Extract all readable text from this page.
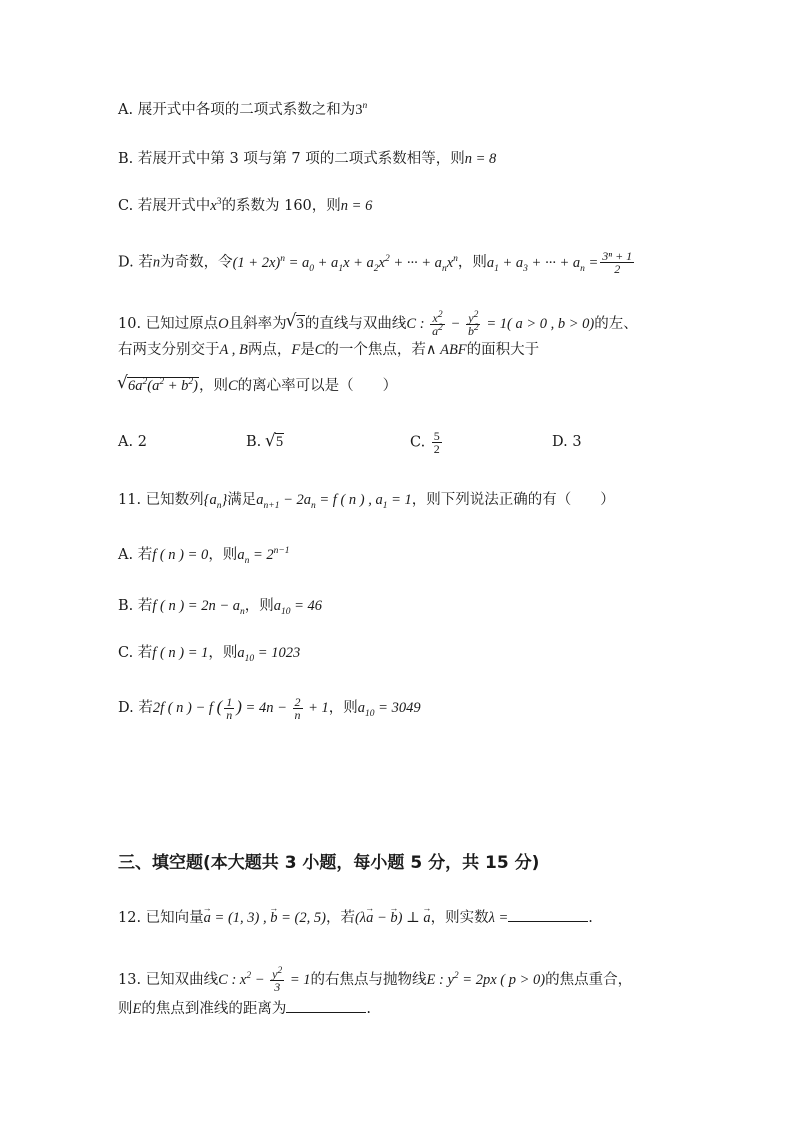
A. 展开式中各项的二项式系数之和为3$^n$
B. 若展开式中第 3 项与第 7 项的二项式系数相等，则n = 8
C. 若展开式中$x^3$的系数为 160，则n = 6
D. 若n为奇数，令$(1 + 2x)^n = a_0 + a_1x + a_2x^2$ + ··· + $a_nx^n$，则$a_1 + a_3$ + ··· + $a_n = \frac{\text{3ⁿ + 1}}{2}$
10. 已知过原点O且斜率为 √ 3的直线与双曲线C : $\frac{x^2}{a^2} - \frac{y^2}{b^2} = 1$( a > 0 , b > 0)的左、
右两支分别交于A , B两点，F是C的一个焦点，若∧ ABF的面积大于
√ $6a^2(a^2 + b^2)$，则C的离心率可以是（　　）
A. 2	B. √ 5	C. $\frac{5}{2}$	D. 3
11. 已知数列$\{a_n\}$满足$a_{n+1} - 2a_n = f$ ( n ) , $a_1 = 1$，则下列说法正确的有（　　）
A. 若f ( n ) = 0，则$a_n = 2^{n-1}$
B. 若f ( n ) = $2n - a_n$，则$a_{10} = 46$
C. 若f ( n ) = 1，则$a_{10} = 1023$
D. 若2f ( n ) − f ( $\frac{1}{n}$ ) = $4n - \frac{2}{n} + 1$，则$a_{10} = 3049$
三、填空题(本大题共 3 小题，每小题 5 分，共 15 分)
12. 已知向量→ a = (1, 3) , → b = (2, 5)，若(λ→ a − → b) ⊥ → a，则实数λ =	.
13. 已知双曲线C : $x^2 - \frac{y^2}{3} = 1$的右焦点与抛物线E : $y^2 = 2px$ ( p > 0)的焦点重合，
则E的焦点到准线的距离为	.
